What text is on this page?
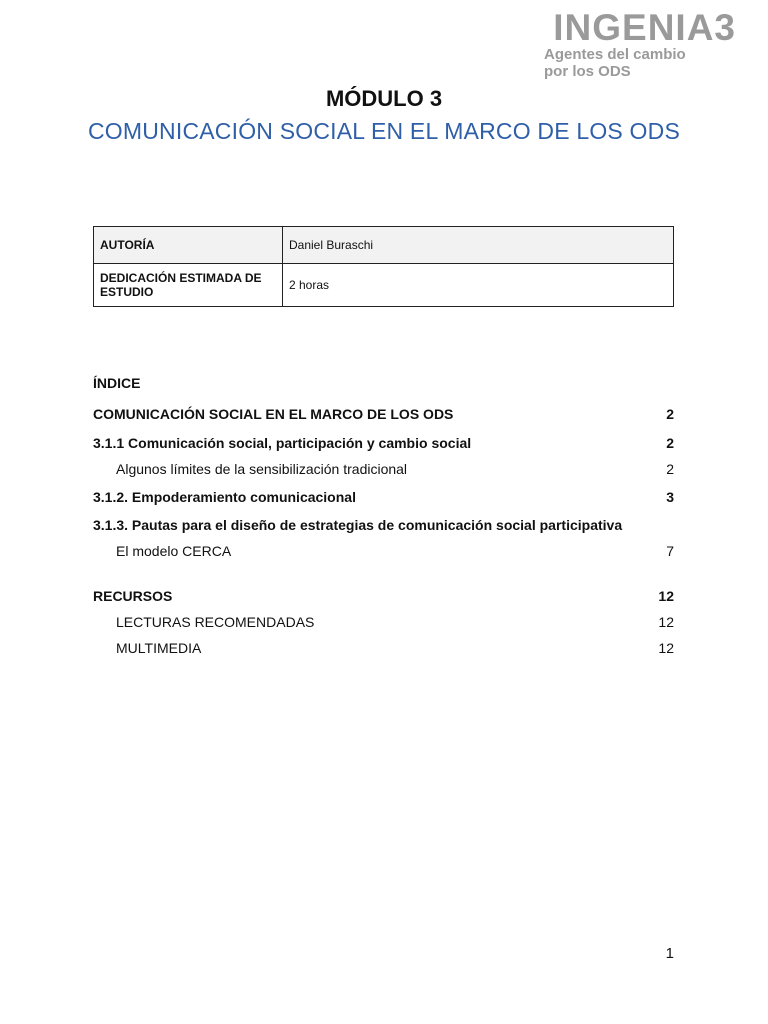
INGENIA3
Agentes del cambio
por los ODS
MÓDULO 3
COMUNICACIÓN SOCIAL EN EL MARCO DE LOS ODS
AUTORÍA	Daniel Buraschi
DEDICACIÓN ESTIMADA DE ESTUDIO	2 horas
ÍNDICE
COMUNICACIÓN SOCIAL EN EL MARCO DE LOS ODS	2
3.1.1 Comunicación social, participación y cambio social	2
Algunos límites de la sensibilización tradicional	2
3.1.2. Empoderamiento comunicacional	3
3.1.3. Pautas para el diseño de estrategias de comunicación social participativa
El modelo CERCA	7
RECURSOS	12
LECTURAS RECOMENDADAS	12
MULTIMEDIA	12
1
